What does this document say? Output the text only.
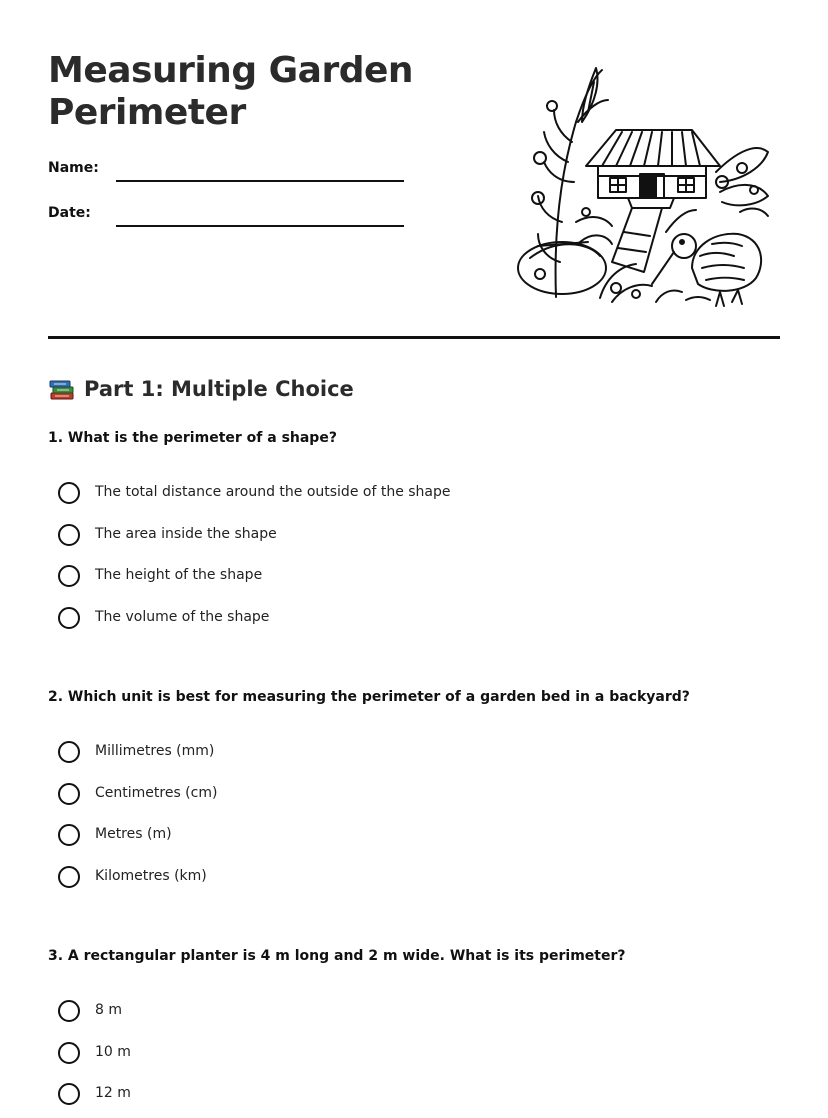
Measuring Garden Perimeter
Name:
Date:
Part 1: Multiple Choice

1. What is the perimeter of a shape?

The total distance around the outside of the shape
The area inside the shape
The height of the shape
The volume of the shape

2. Which unit is best for measuring the perimeter of a garden bed in a backyard?

Millimetres (mm)
Centimetres (cm)
Metres (m)
Kilometres (km)

3. A rectangular planter is 4 m long and 2 m wide. What is its perimeter?

8 m
10 m
12 m
